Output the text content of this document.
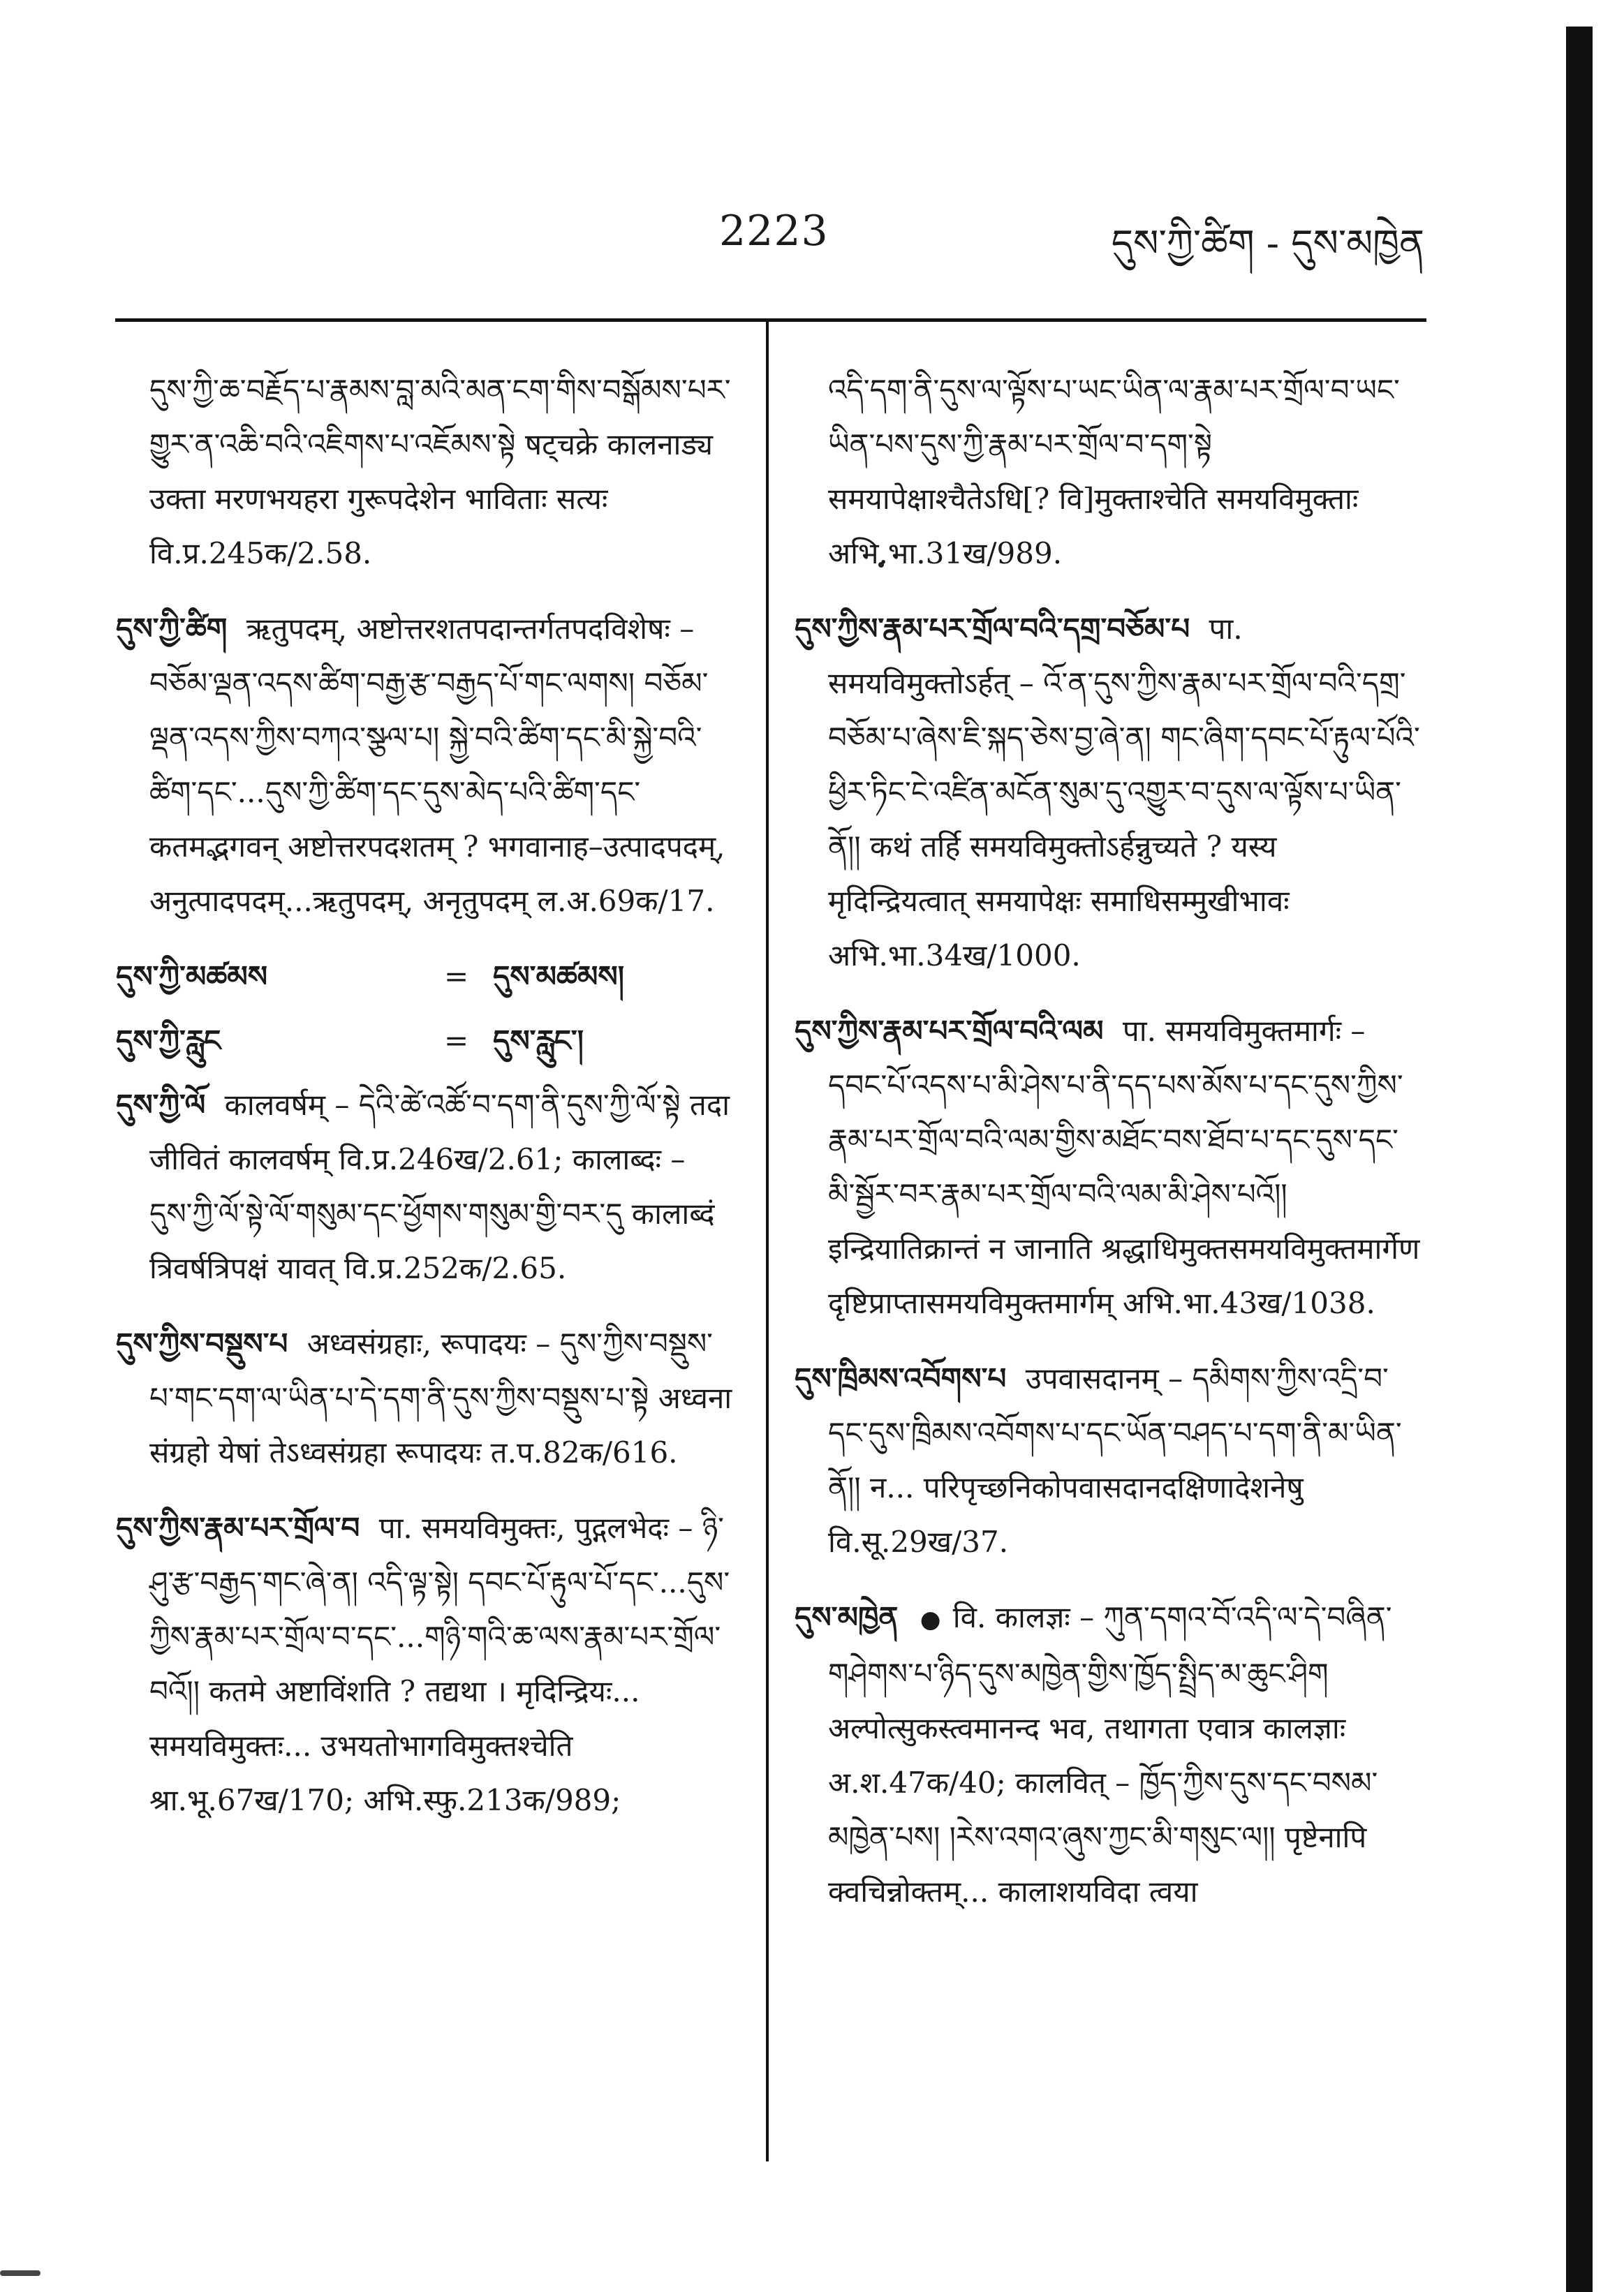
2223	དུས་ཀྱི་ཚིག - དུས་མཁྱེན

དུས་ཀྱི་ཆ་བརྗོད་པ་རྣམས་བླ་མའི་མན་ངག་གིས་བསྒོམས་པར་གྱུར་ན་འཆི་བའི་འཇིགས་པ་འཇོམས་སྟེ षट्चक्रे कालनाड्य उक्ता मरणभयहरा गुरूपदेशेन भाविताः सत्यः वि.प्र.245क/2.58.

དུས་ཀྱི་ཚིག ऋतुपदम्, अष्टोत्तरशतपदान्तर्गतपदविशेषः – བཅོམ་ལྡན་འདས་ཚིག་བརྒྱ་རྩ་བརྒྱད་པོ་གང་ལགས། བཅོམ་ལྡན་འདས་ཀྱིས་བཀའ་སྩལ་པ། སྐྱེ་བའི་ཚིག་དང་མི་སྐྱེ་བའི་ཚིག་དང་...དུས་ཀྱི་ཚིག་དང་དུས་མེད་པའི་ཚིག་དང་ कतमद्भगवन् अष्टोत्तरपदशतम् ? भगवानाह–उत्पादपदम्, अनुत्पादपदम्...ऋतुपदम्, अनृतुपदम् ल.अ.69क/17.

དུས་ཀྱི་མཚམས	= དུས་མཚམས།
དུས་ཀྱི་རླུང	= དུས་རླུང་།

དུས་ཀྱི་ལོ कालवर्षम् – དེའི་ཚེ་འཚོ་བ་དག་ནི་དུས་ཀྱི་ལོ་སྟེ तदा जीवितं कालवर्षम् वि.प्र.246ख/2.61; कालाब्दः – དུས་ཀྱི་ལོ་སྟེ་ལོ་གསུམ་དང་ཕྱོགས་གསུམ་གྱི་བར་དུ कालाब्दं त्रिवर्षत्रिपक्षं यावत् वि.प्र.252क/2.65.

དུས་ཀྱིས་བསྡུས་པ अध्वसंग्रहाः, रूपादयः – དུས་ཀྱིས་བསྡུས་པ་གང་དག་ལ་ཡིན་པ་དེ་དག་ནི་དུས་ཀྱིས་བསྡུས་པ་སྟེ अध्वना संग्रहो येषां तेऽध्वसंग्रहा रूपादयः त.प.82क/616.

དུས་ཀྱིས་རྣམ་པར་གྲོལ་བ पा. समयविमुक्तः, पुद्गलभेदः – ཉི་ཤུ་རྩ་བརྒྱད་གང་ཞེ་ན། འདི་ལྟ་སྟེ། དབང་པོ་རྟུལ་པོ་དང་...དུས་ཀྱིས་རྣམ་པར་གྲོལ་བ་དང་...གཉི་གའི་ཆ་ལས་རྣམ་པར་གྲོལ་བའོ།། कतमे अष्टाविंशति ? तद्यथा । मृदिन्द्रियः... समयविमुक्तः... उभयतोभागविमुक्तश्चेति श्रा.भू.67ख/170; अभि.स्फु.213क/989;

འདི་དག་ནི་དུས་ལ་ལྟོས་པ་ཡང་ཡིན་ལ་རྣམ་པར་གྲོལ་བ་ཡང་ཡིན་པས་དུས་ཀྱི་རྣམ་པར་གྲོལ་བ་དག་སྟེ समयापेक्षाश्चैतेऽधि[? वि]मुक्ताश्चेति समयविमुक्ताः अभि.भा.31ख/989.

དུས་ཀྱིས་རྣམ་པར་གྲོལ་བའི་དགྲ་བཅོམ་པ पा. समयविमुक्तोऽर्हत् – འོ་ན་དུས་ཀྱིས་རྣམ་པར་གྲོལ་བའི་དགྲ་བཅོམ་པ་ཞེས་ཇི་སྐད་ཅེས་བྱ་ཞེ་ན། གང་ཞིག་དབང་པོ་རྟུལ་པོའི་ཕྱིར་ཏིང་ངེ་འཛིན་མངོན་སུམ་དུ་འགྱུར་བ་དུས་ལ་ལྟོས་པ་ཡིན་ནོ།། कथं तर्हि समयविमुक्तोऽर्हन्नुच्यते ? यस्य मृदिन्द्रियत्वात् समयापेक्षः समाधिसम्मुखीभावः अभि.भा.34ख/1000.

དུས་ཀྱིས་རྣམ་པར་གྲོལ་བའི་ལམ पा. समयविमुक्तमार्गः – དབང་པོ་འདས་པ་མི་ཤེས་པ་ནི་དད་པས་མོས་པ་དང་དུས་ཀྱིས་རྣམ་པར་གྲོལ་བའི་ལམ་གྱིས་མཐོང་བས་ཐོབ་པ་དང་དུས་དང་མི་སྦྱོར་བར་རྣམ་པར་གྲོལ་བའི་ལམ་མི་ཤེས་པའོ།། इन्द्रियातिक्रान्तं न जानाति श्रद्धाधिमुक्तसमयविमुक्तमार्गेण दृष्टिप्राप्तासमयविमुक्तमार्गम् अभि.भा.43ख/1038.

དུས་ཁྲིམས་འབོགས་པ उपवासदानम् – དམིགས་ཀྱིས་འདྲི་བ་དང་དུས་ཁྲིམས་འབོགས་པ་དང་ཡོན་བཤད་པ་དག་ནི་མ་ཡིན་ནོ།། न... परिपृच्छनिकोपवासदानदक्षिणादेशनेषु वि.सू.29ख/37.

དུས་མཁྱེན ● वि. कालज्ञः – ཀུན་དགའ་བོ་འདི་ལ་དེ་བཞིན་གཤེགས་པ་ཉིད་དུས་མཁྱེན་གྱིས་ཁྱོད་སྤྲིད་མ་ཆུང་ཤིག अल्पोत्सुकस्त्वमानन्द भव, तथागता एवात्र कालज्ञाः अ.श.47क/40; कालवित् – ཁྱོད་ཀྱིས་དུས་དང་བསམ་མཁྱེན་པས། །རེས་འགའ་ཞུས་ཀྱང་མི་གསུང་ལ།། पृष्टेनापि क्वचिन्नोक्तम्... कालाशयविदा त्वया
